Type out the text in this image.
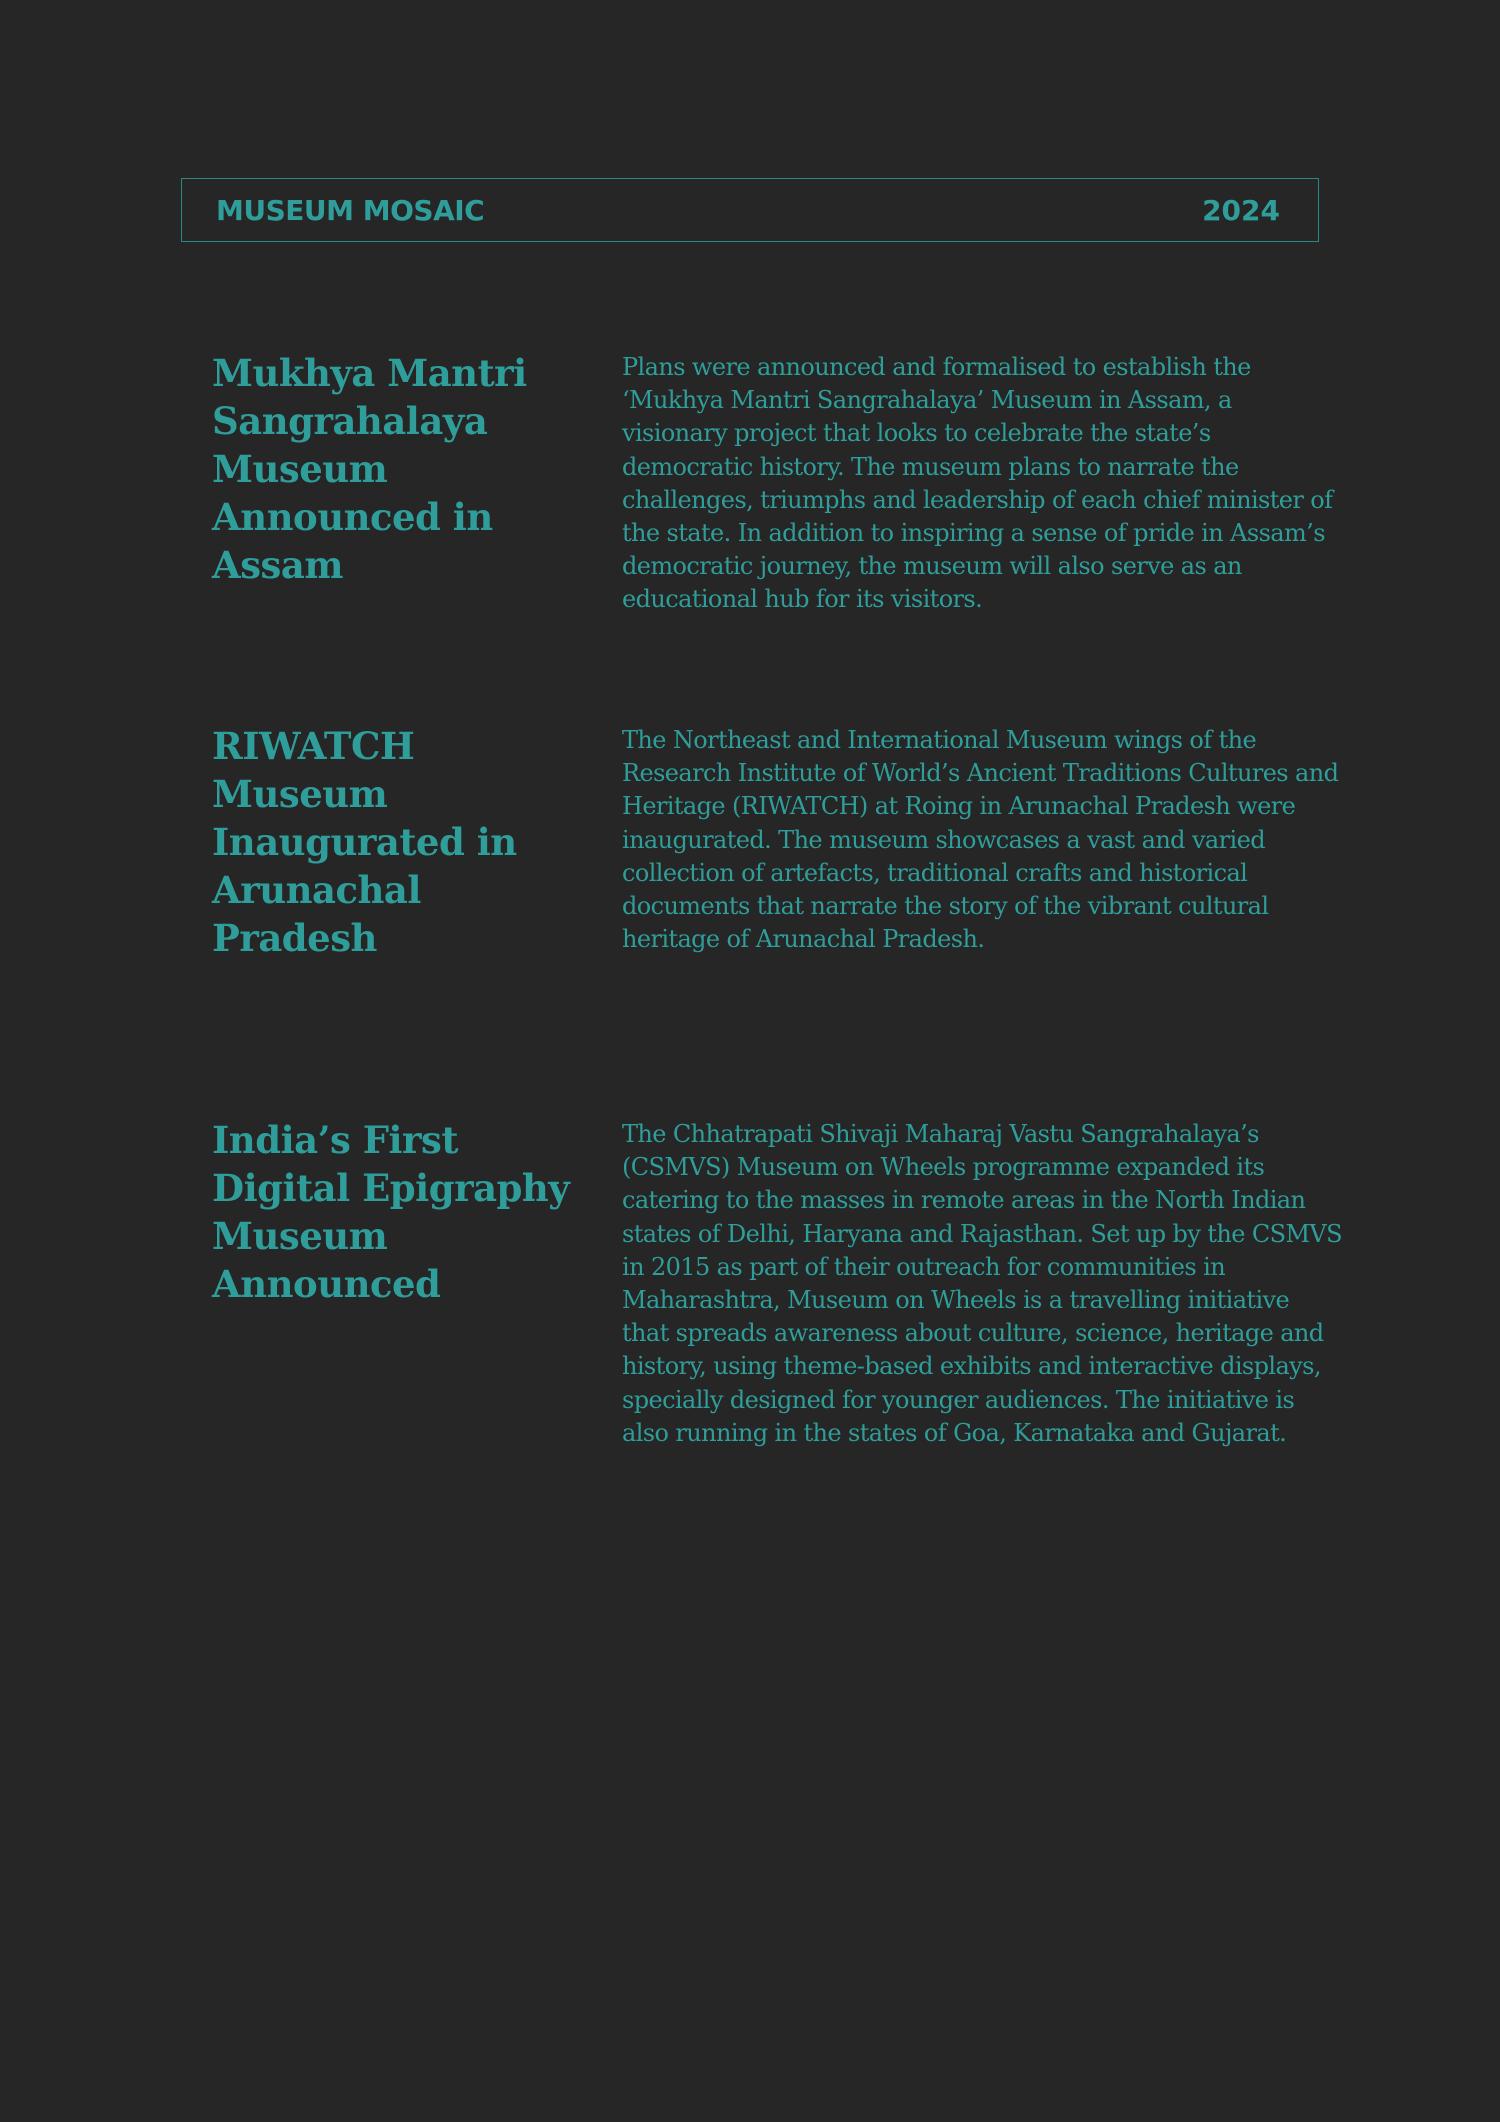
MUSEUM MOSAIC	2024
Mukhya Mantri Sangrahalaya Museum Announced in Assam

Plans were announced and formalised to establish the ‘Mukhya Mantri Sangrahalaya’ Museum in Assam, a visionary project that looks to celebrate the state’s democratic history. The museum plans to narrate the challenges, triumphs and leadership of each chief minister of the state. In addition to inspiring a sense of pride in Assam’s democratic journey, the museum will also serve as an educational hub for its visitors.

RIWATCH Museum Inaugurated in Arunachal Pradesh

The Northeast and International Museum wings of the Research Institute of World’s Ancient Traditions Cultures and Heritage (RIWATCH) at Roing in Arunachal Pradesh were inaugurated. The museum showcases a vast and varied collection of artefacts, traditional crafts and historical documents that narrate the story of the vibrant cultural heritage of Arunachal Pradesh.

India’s First Digital Epigraphy Museum Announced

The Chhatrapati Shivaji Maharaj Vastu Sangrahalaya’s (CSMVS) Museum on Wheels programme expanded its catering to the masses in remote areas in the North Indian states of Delhi, Haryana and Rajasthan. Set up by the CSMVS in 2015 as part of their outreach for communities in Maharashtra, Museum on Wheels is a travelling initiative that spreads awareness about culture, science, heritage and history, using theme-based exhibits and interactive displays, specially designed for younger audiences. The initiative is also running in the states of Goa, Karnataka and Gujarat.
